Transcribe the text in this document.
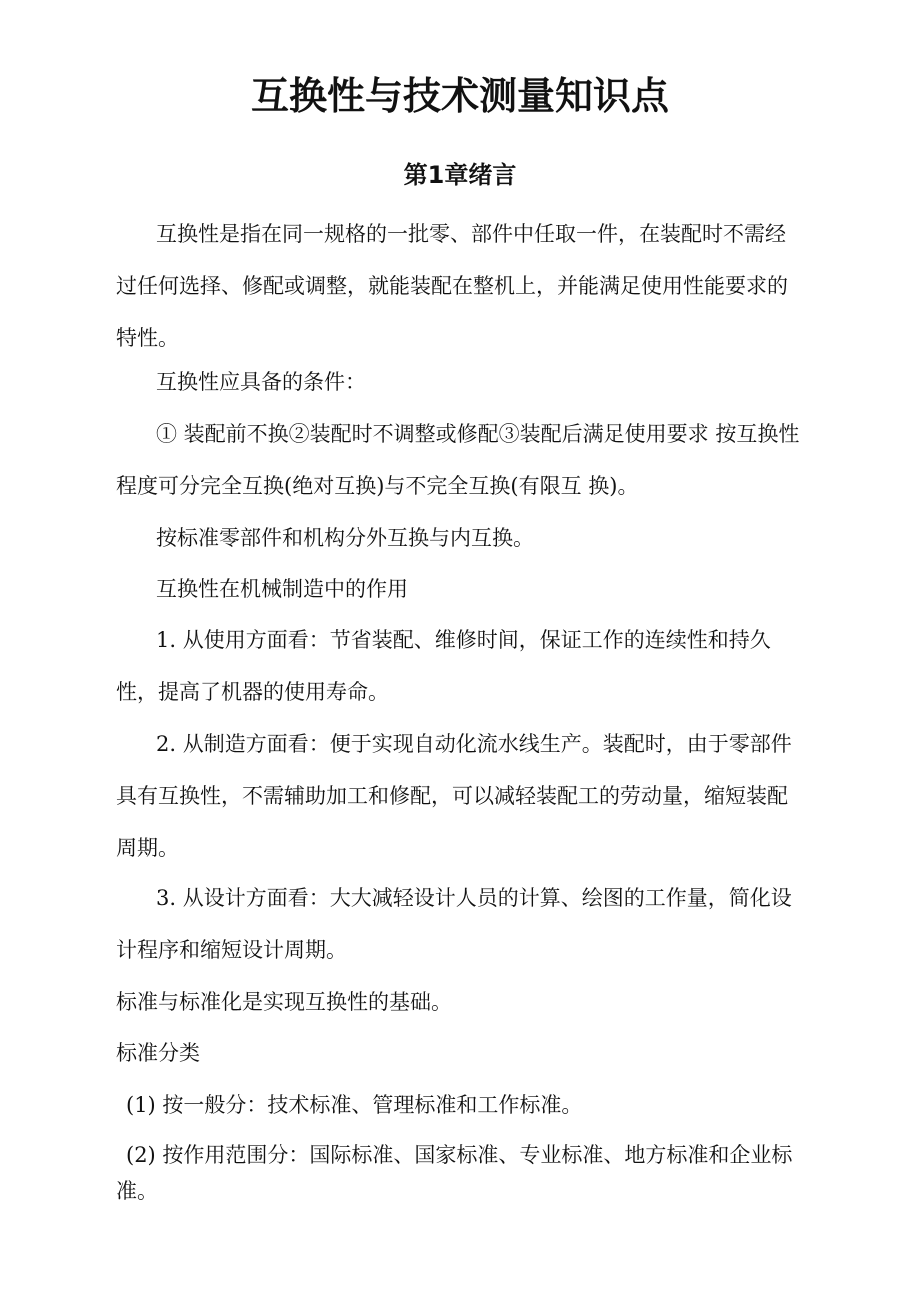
互换性与技术测量知识点
第1章绪言

互换性是指在同一规格的一批零、部件中任取一件，在装配时不需经过任何选择、修配或调整，就能装配在整机上，并能满足使用性能要求的特性。

互换性应具备的条件：

① 装配前不换②装配时不调整或修配③装配后满足使用要求 按互换性程度可分完全互换(绝对互换)与不完全互换(有限互 换)。

按标准零部件和机构分外互换与内互换。

互换性在机械制造中的作用

1. 从使用方面看：节省装配、维修时间，保证工作的连续性和持久性，提高了机器的使用寿命。

2. 从制造方面看：便于实现自动化流水线生产。装配时，由于零部件具有互换性，不需辅助加工和修配，可以减轻装配工的劳动量，缩短装配周期。

3. 从设计方面看：大大减轻设计人员的计算、绘图的工作量，简化设计程序和缩短设计周期。

标准与标准化是实现互换性的基础。

标准分类

(1) 按一般分：技术标准、管理标准和工作标准。

(2) 按作用范围分：国际标准、国家标准、专业标准、地方标准和企业标准。
